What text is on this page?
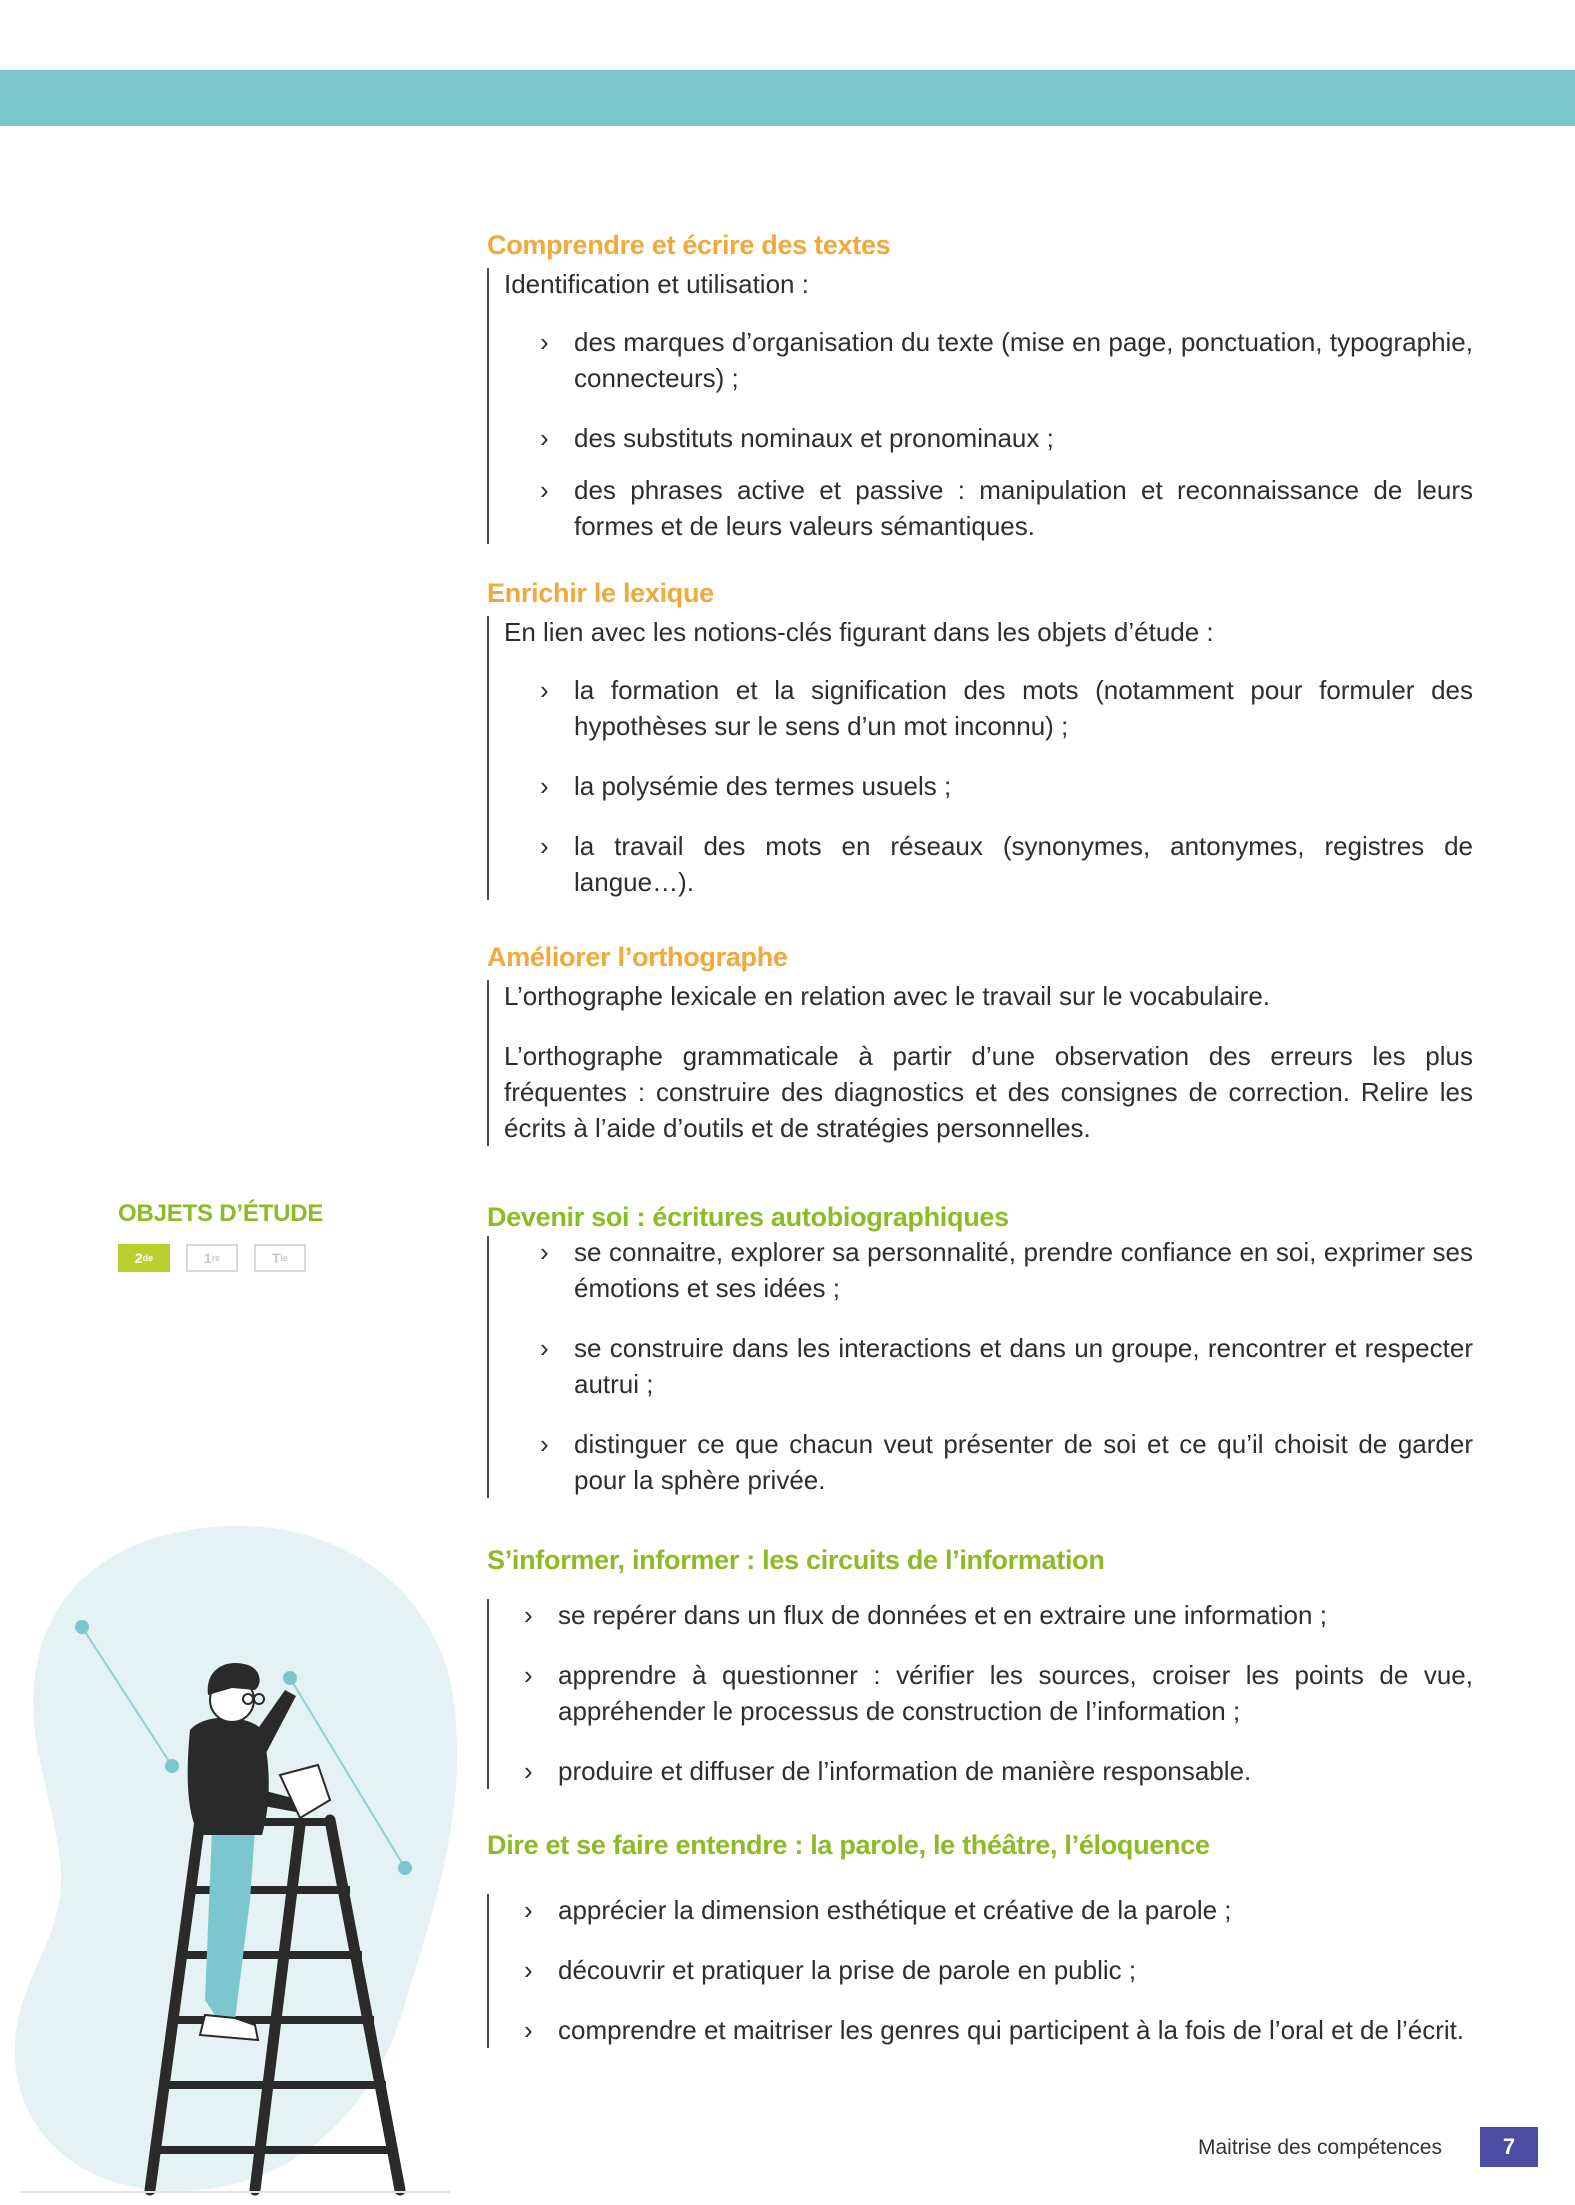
Comprendre et écrire des textes

Identification et utilisation :

› des marques d’organisation du texte (mise en page, ponctuation, typographie, connecteurs) ;
› des substituts nominaux et pronominaux ;
› des phrases active et passive : manipulation et reconnaissance de leurs formes et de leurs valeurs sémantiques.
Enrichir le lexique

En lien avec les notions-clés figurant dans les objets d’étude :

› la formation et la signification des mots (notamment pour formuler des hypothèses sur le sens d’un mot inconnu) ;
› la polysémie des termes usuels ;
› la travail des mots en réseaux (synonymes, antonymes, registres de langue…).
Améliorer l’orthographe

L’orthographe lexicale en relation avec le travail sur le vocabulaire.

L’orthographe grammaticale à partir d’une observation des erreurs les plus fréquentes : construire des diagnostics et des consignes de correction. Relire les écrits à l’aide d’outils et de stratégies personnelles.

OBJETS D’ÉTUDE
2 de	1 re	T le
Devenir soi : écritures autobiographiques
› se connaitre, explorer sa personnalité, prendre confiance en soi, exprimer ses émotions et ses idées ;
› se construire dans les interactions et dans un groupe, rencontrer et respecter autrui ;
› distinguer ce que chacun veut présenter de soi et ce qu’il choisit de garder pour la sphère privée.
S’informer, informer : les circuits de l’information
› se repérer dans un flux de données et en extraire une information ;
› apprendre à questionner : vérifier les sources, croiser les points de vue, appréhender le processus de construction de l’information ;
› produire et diffuser de l’information de manière responsable.
Dire et se faire entendre : la parole, le théâtre, l’éloquence
› apprécier la dimension esthétique et créative de la parole ;
› découvrir et pratiquer la prise de parole en public ;
› comprendre et maitriser les genres qui participent à la fois de l’oral et de l’écrit.
Maitrise des compétences	7
